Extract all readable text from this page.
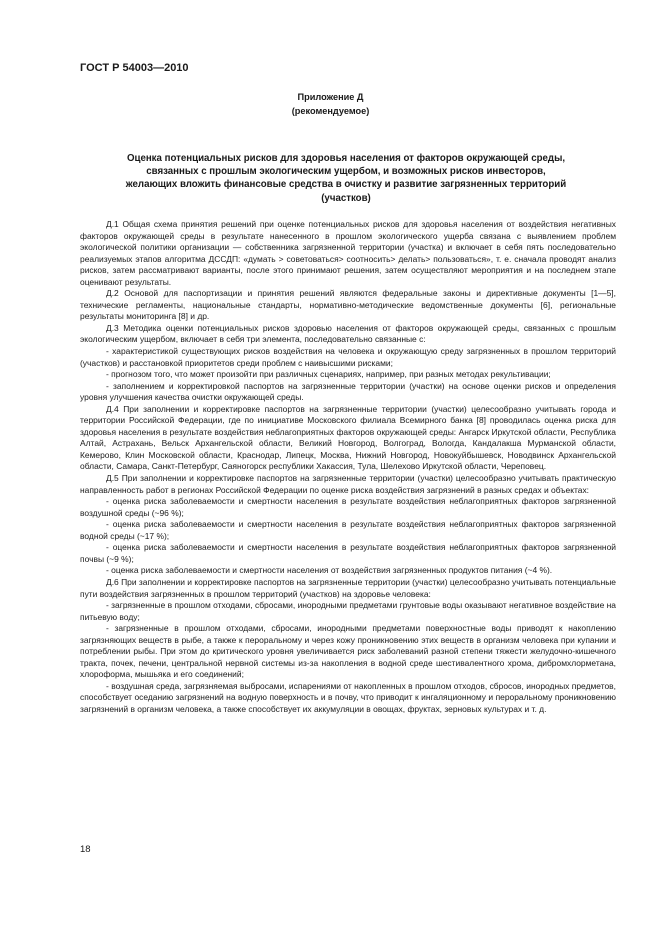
ГОСТ Р 54003—2010
Приложение Д
(рекомендуемое)
Оценка потенциальных рисков для здоровья населения от факторов окружающей среды,
связанных с прошлым экологическим ущербом, и возможных рисков инвесторов,
желающих вложить финансовые средства в очистку и развитие загрязненных территорий
(участков)

Д.1 Общая схема принятия решений при оценке потенциальных рисков для здоровья населения от воздействия негативных факторов окружающей среды в результате нанесенного в прошлом экологического ущерба связана с выявлением проблем экологической политики организации — собственника загрязненной территории (участка) и включает в себя пять последовательно реализуемых этапов алгоритма ДССДП: «думать > советоваться> соотносить> делать> пользоваться», т. е. сначала проводят анализ рисков, затем рассматривают варианты, после этого принимают решения, затем осуществляют мероприятия и на последнем этапе оценивают результаты.

Д.2 Основой для паспортизации и принятия решений являются федеральные законы и директивные документы [1—5], технические регламенты, национальные стандарты, нормативно-методические ведомственные документы [6], региональные результаты мониторинга [8] и др.

Д.3 Методика оценки потенциальных рисков здоровью населения от факторов окружающей среды, связанных с прошлым экологическим ущербом, включает в себя три элемента, последовательно связанные с:

- характеристикой существующих рисков воздействия на человека и окружающую среду загрязненных в прошлом территорий (участков) и расстановкой приоритетов среди проблем с наивысшими рисками;

- прогнозом того, что может произойти при различных сценариях, например, при разных методах рекультивации;

- заполнением и корректировкой паспортов на загрязненные территории (участки) на основе оценки рисков и определения уровня улучшения качества очистки окружающей среды.

Д.4 При заполнении и корректировке паспортов на загрязненные территории (участки) целесообразно учитывать города и территории Российской Федерации, где по инициативе Московского филиала Всемирного банка [8] проводилась оценка риска для здоровья населения в результате воздействия неблагоприятных факторов окружающей среды: Ангарск Иркутской области, Республика Алтай, Астрахань, Вельск Архангельской области, Великий Новгород, Волгоград, Вологда, Кандалакша Мурманской области, Кемерово, Клин Московской области, Краснодар, Липецк, Москва, Нижний Новгород, Новокуйбышевск, Новодвинск Архангельской области, Самара, Санкт-Петербург, Саяногорск республики Хакассия, Тула, Шелехово Иркутской области, Череповец.

Д.5 При заполнении и корректировке паспортов на загрязненные территории (участки) целесообразно учитывать практическую направленность работ в регионах Российской Федерации по оценке риска воздействия загрязнений в разных средах и объектах:

- оценка риска заболеваемости и смертности населения в результате воздействия неблагоприятных факторов загрязненной воздушной среды (~96 %);

- оценка риска заболеваемости и смертности населения в результате воздействия неблагоприятных факторов загрязненной водной среды (~17 %);

- оценка риска заболеваемости и смертности населения в результате воздействия неблагоприятных факторов загрязненной почвы (~9 %);

- оценка риска заболеваемости и смертности населения от воздействия загрязненных продуктов питания (~4 %).

Д.6 При заполнении и корректировке паспортов на загрязненные территории (участки) целесообразно учитывать потенциальные пути воздействия загрязненных в прошлом территорий (участков) на здоровье человека:

- загрязненные в прошлом отходами, сбросами, инородными предметами грунтовые воды оказывают негативное воздействие на питьевую воду;

- загрязненные в прошлом отходами, сбросами, инородными предметами поверхностные воды приводят к накоплению загрязняющих веществ в рыбе, а также к пероральному и через кожу проникновению этих веществ в организм человека при купании и потреблении рыбы. При этом до критического уровня увеличивается риск заболеваний разной степени тяжести желудочно-кишечного тракта, почек, печени, центральной нервной системы из-за накопления в водной среде шестивалентного хрома, дибромхлорметана, хлороформа, мышьяка и его соединений;

- воздушная среда, загрязняемая выбросами, испарениями от накопленных в прошлом отходов, сбросов, инородных предметов, способствует оседанию загрязнений на водную поверхность и в почву, что приводит к ингаляционному и пероральному проникновению загрязнений в организм человека, а также способствует их аккумуляции в овощах, фруктах, зерновых культурах и т. д.

18
